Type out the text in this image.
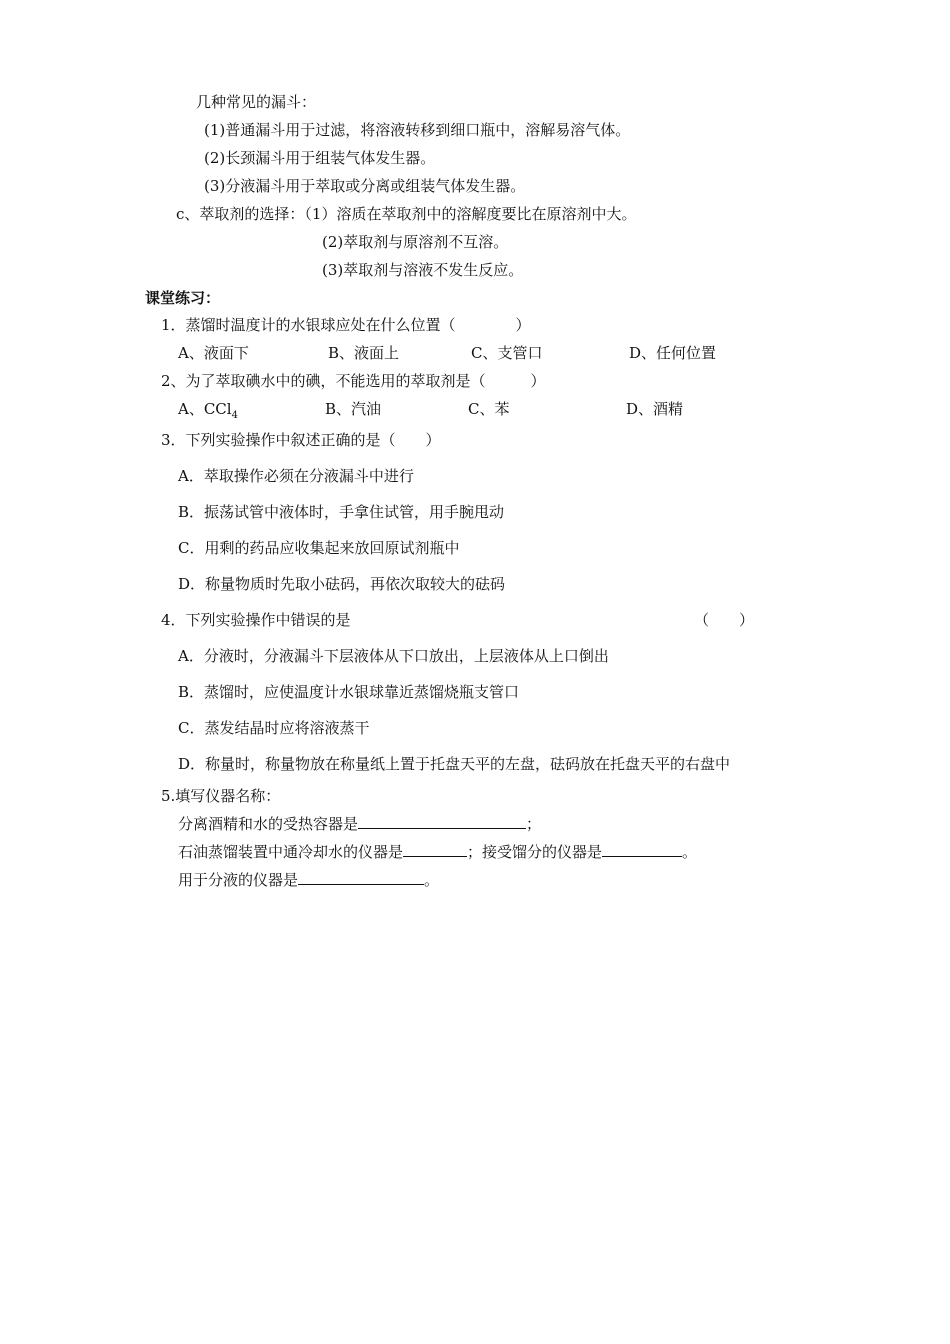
几种常见的漏斗：
(1)普通漏斗用于过滤，将溶液转移到细口瓶中，溶解易溶气体。
(2)长颈漏斗用于组装气体发生器。
(3)分液漏斗用于萃取或分离或组装气体发生器。
c、萃取剂的选择：（1）溶质在萃取剂中的溶解度要比在原溶剂中大。
(2)萃取剂与原溶剂不互溶。
(3)萃取剂与溶液不发生反应。
课堂练习：
1．蒸馏时温度计的水银球应处在什么位置（　　　　）
A、液面下	B、液面上	C、支管口	D、任何位置
2、为了萃取碘水中的碘，不能选用的萃取剂是（　　　）
A、CCl$_4$	B、汽油	C、苯	D、酒精
3．下列实验操作中叙述正确的是（　　）
A．萃取操作必须在分液漏斗中进行
B．振荡试管中液体时，手拿住试管，用手腕甩动
C．用剩的药品应收集起来放回原试剂瓶中
D．称量物质时先取小砝码，再依次取较大的砝码
4．下列实验操作中错误的是	（　　）
A．分液时，分液漏斗下层液体从下口放出，上层液体从上口倒出
B．蒸馏时，应使温度计水银球靠近蒸馏烧瓶支管口
C．蒸发结晶时应将溶液蒸干
D．称量时，称量物放在称量纸上置于托盘天平的左盘，砝码放在托盘天平的右盘中
5.填写仪器名称：
分离酒精和水的受热容器是	；
石油蒸馏装置中通冷却水的仪器是	；接受馏分的仪器是	。
用于分液的仪器是	。
